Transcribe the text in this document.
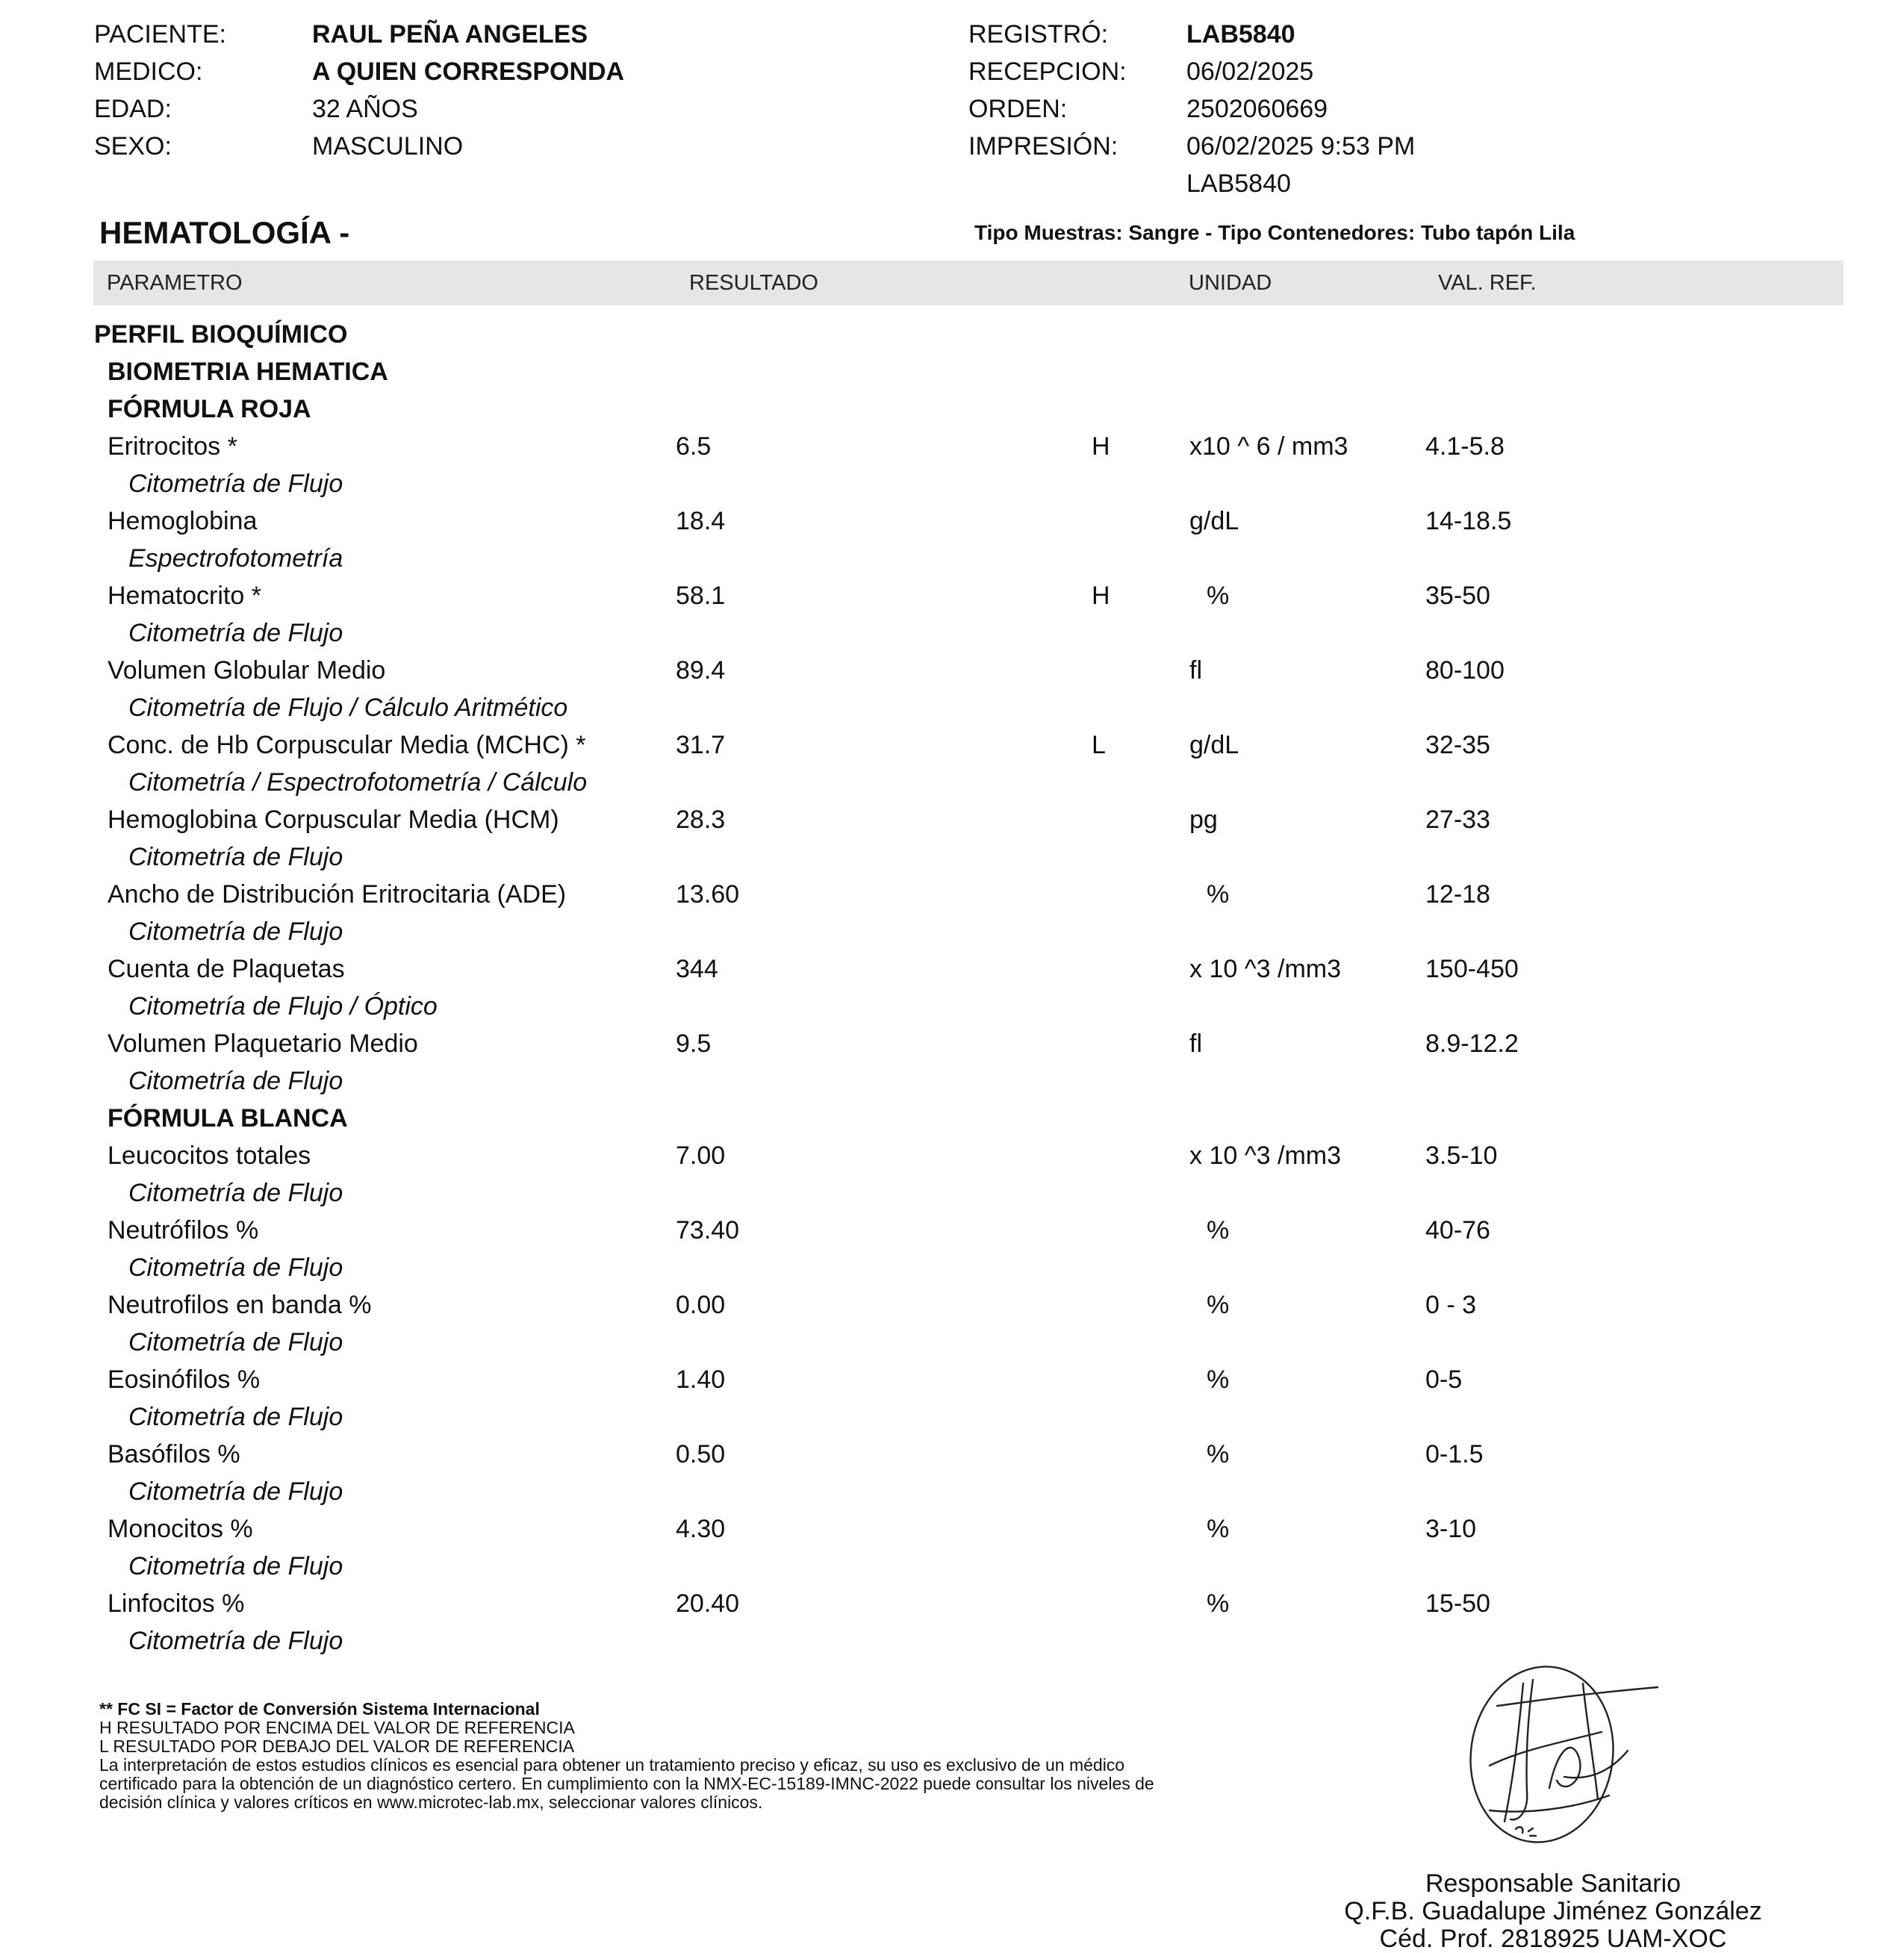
PACIENTE:	RAUL PEÑA ANGELES
MEDICO:	A QUIEN CORRESPONDA
EDAD:	32 AÑOS
SEXO:	MASCULINO
REGISTRÓ:	LAB5840
RECEPCION: 06/02/2025
ORDEN:	2502060669
IMPRESIÓN:	06/02/2025 9:53 PM
LAB5840
HEMATOLOGÍA -	Tipo Muestras: Sangre - Tipo Contenedores: Tubo tapón Lila
PARAMETRO	RESULTADO	UNIDAD	VAL. REF.
PERFIL BIOQUÍMICO
BIOMETRIA HEMATICA
FÓRMULA ROJA
Eritrocitos *	6.5	H	x10 ^ 6 / mm3	4.1-5.8
Citometría de Flujo
Hemoglobina	18.4	g/dL	14-18.5
Espectrofotometría
Hematocrito *	58.1	H	%	35-50
Citometría de Flujo
Volumen Globular Medio	89.4	fl	80-100
Citometría de Flujo / Cálculo Aritmético
Conc. de Hb Corpuscular Media (MCHC) *	31.7	L	g/dL	32-35
Citometría / Espectrofotometría / Cálculo
Hemoglobina Corpuscular Media (HCM)	28.3	pg	27-33
Citometría de Flujo
Ancho de Distribución Eritrocitaria (ADE)	13.60	%	12-18
Citometría de Flujo
Cuenta de Plaquetas	344	x 10 ^3 /mm3	150-450
Citometría de Flujo / Óptico
Volumen Plaquetario Medio	9.5	fl	8.9-12.2
Citometría de Flujo
FÓRMULA BLANCA
Leucocitos totales	7.00	x 10 ^3 /mm3	3.5-10
Citometría de Flujo
Neutrófilos %	73.40	%	40-76
Citometría de Flujo
Neutrofilos en banda %	0.00	%	0 - 3
Citometría de Flujo
Eosinófilos %	1.40	%	0-5
Citometría de Flujo
Basófilos %	0.50	%	0-1.5
Citometría de Flujo
Monocitos %	4.30	%	3-10
Citometría de Flujo
Linfocitos %	20.40	%	15-50
Citometría de Flujo
** FC SI = Factor de Conversión Sistema Internacional
H RESULTADO POR ENCIMA DEL VALOR DE REFERENCIA
L RESULTADO POR DEBAJO DEL VALOR DE REFERENCIA
La interpretación de estos estudios clínicos es esencial para obtener un tratamiento preciso y eficaz, su uso es exclusivo de un médico
certificado para la obtención de un diagnóstico certero. En cumplimiento con la NMX-EC-15189-IMNC-2022 puede consultar los niveles de
decisión clínica y valores críticos en www.microtec-lab.mx, seleccionar valores clínicos.
Responsable Sanitario
Q.F.B. Guadalupe Jiménez González
Céd. Prof. 2818925 UAM-XOC
